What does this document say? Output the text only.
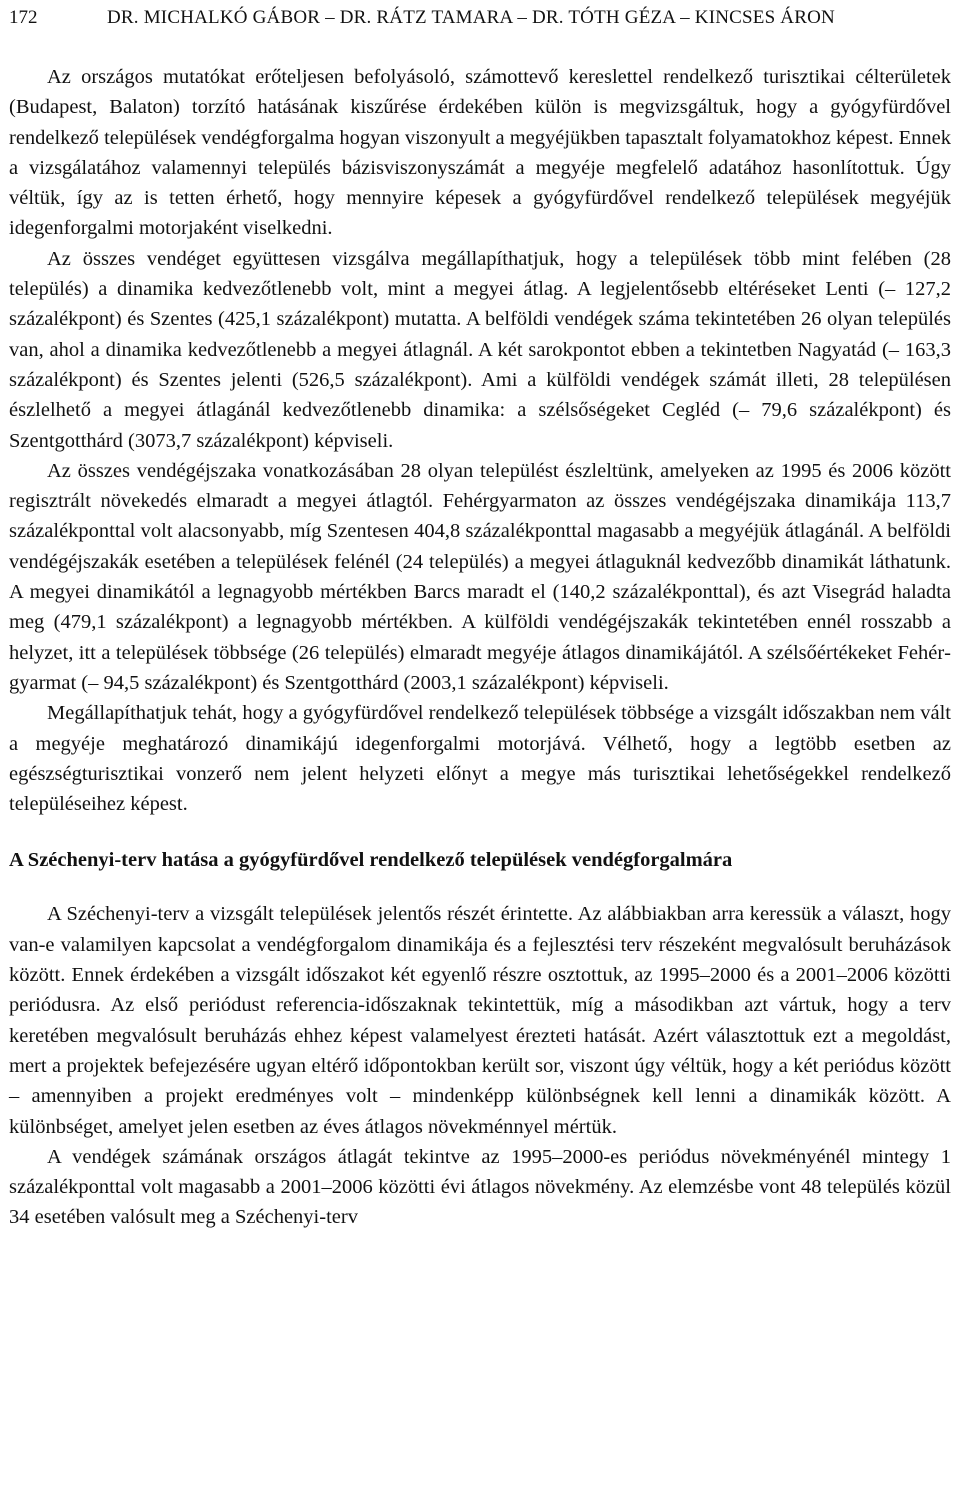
172	DR. MICHALKÓ GÁBOR – DR. RÁTZ TAMARA – DR. TÓTH GÉZA – KINCSES ÁRON

Az országos mutatókat erőteljesen befolyásoló, számottevő kereslettel rendelkező turisztikai célterületek (Budapest, Balaton) torzító hatásának kiszűrése érdekében külön is megvizsgáltuk, hogy a gyógyfürdővel rendelkező települések vendégforgalma hogyan viszonyult a megyéjükben tapasztalt folyamatokhoz képest. Ennek a vizsgálatához valamennyi település bázisviszonyszámát a megyéje megfelelő adatához hasonlítottuk. Úgy véltük, így az is tetten érhető, hogy mennyire képesek a gyógyfürdővel rendelkező települések megyéjük idegenforgalmi motorjaként viselkedni.

Az összes vendéget együttesen vizsgálva megállapíthatjuk, hogy a települések több mint felében (28 település) a dinamika kedvezőtlenebb volt, mint a megyei átlag. A legjelentősebb eltéréseket Lenti (– 127,2 százalékpont) és Szentes (425,1 százalékpont) mutatta. A belföldi vendégek száma tekintetében 26 olyan település van, ahol a dinamika kedvezőtlenebb a megyei átlagnál. A két sarokpontot ebben a tekintetben Nagyatád (– 163,3 százalékpont) és Szentes jelenti (526,5 százalékpont). Ami a külföldi vendégek számát illeti, 28 településen észlelhető a megyei átlagánál kedvezőtlenebb dinamika: a szélsőségeket Cegléd (– 79,6 százalékpont) és Szentgotthárd (3073,7 százalékpont) képviseli.

Az összes vendégéjszaka vonatkozásában 28 olyan települést észleltünk, amelyeken az 1995 és 2006 között regisztrált növekedés elmaradt a megyei átlagtól. Fehérgyarmaton az összes vendégéjszaka dinamikája 113,7 százalékponttal volt alacsonyabb, míg Szentesen 404,8 százalékponttal magasabb a megyéjük átlagánál. A belföldi vendégéjszakák esetében a települések felénél (24 település) a megyei átlaguknál kedvezőbb dinamikát láthatunk. A megyei dinamikától a legnagyobb mértékben Barcs maradt el (140,2 százalékponttal), és azt Visegrád haladta meg (479,1 százalékpont) a legnagyobb mértékben. A külföldi vendégéjszakák tekintetében ennél rosszabb a helyzet, itt a települések többsége (26 település) elmaradt megyéje átlagos dinamikájától. A szélsőértékeket Fehérgyarmat (– 94,5 százalékpont) és Szentgotthárd (2003,1 százalékpont) képviseli.

Megállapíthatjuk tehát, hogy a gyógyfürdővel rendelkező települések többsége a vizsgált időszakban nem vált a megyéje meghatározó dinamikájú idegenforgalmi motorjává. Vélhető, hogy a legtöbb esetben az egészségturisztikai vonzerő nem jelent helyzeti előnyt a megye más turisztikai lehetőségekkel rendelkező településeihez képest.

A Széchenyi-terv hatása a gyógyfürdővel rendelkező települések vendégforgalmára

A Széchenyi-terv a vizsgált települések jelentős részét érintette. Az alábbiakban arra keressük a választ, hogy van-e valamilyen kapcsolat a vendégforgalom dinamikája és a fejlesztési terv részeként megvalósult beruházások között. Ennek érdekében a vizsgált időszakot két egyenlő részre osztottuk, az 1995–2000 és a 2001–2006 közötti periódusra. Az első periódust referencia-időszaknak tekintettük, míg a másodikban azt vártuk, hogy a terv keretében megvalósult beruházás ehhez képest valamelyest érezteti hatását. Azért választottuk ezt a megoldást, mert a projektek befejezésére ugyan eltérő időpontokban került sor, viszont úgy véltük, hogy a két periódus között – amennyiben a projekt eredményes volt – mindenképp különbségnek kell lenni a dinamikák között. A különbséget, amelyet jelen esetben az éves átlagos növekménnyel mértük.

A vendégek számának országos átlagát tekintve az 1995–2000-es periódus növekményénél mintegy 1 százalékponttal volt magasabb a 2001–2006 közötti évi átlagos növekmény. Az elemzésbe vont 48 település közül 34 esetében valósult meg a Széchenyi-terv
